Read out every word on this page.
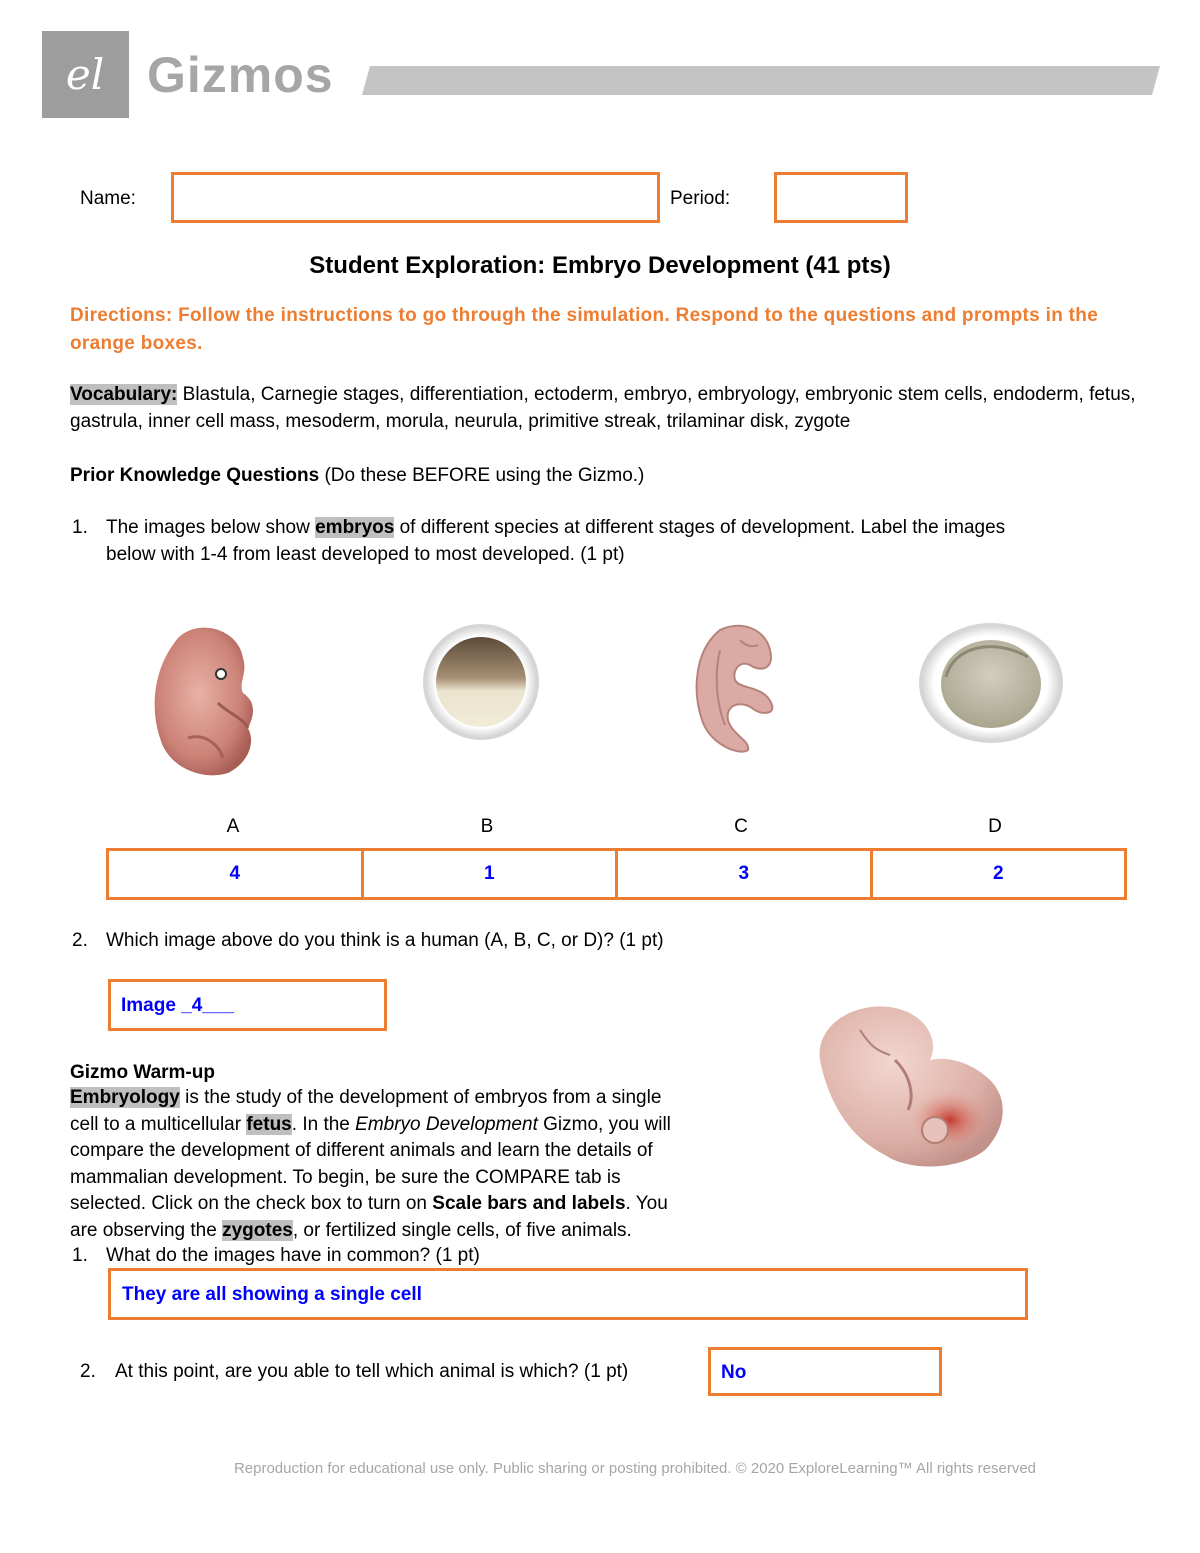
el Gizmos
Name:	Period:
Student Exploration: Embryo Development (41 pts)
Directions: Follow the instructions to go through the simulation. Respond to the questions and prompts in the orange boxes.
Vocabulary: Blastula, Carnegie stages, differentiation, ectoderm, embryo, embryology, embryonic stem cells, endoderm, fetus, gastrula, inner cell mass, mesoderm, morula, neurula, primitive streak, trilaminar disk, zygote
Prior Knowledge Questions (Do these BEFORE using the Gizmo.)
1. The images below show embryos of different species at different stages of development. Label the images
below with 1-4 from least developed to most developed. (1 pt)
A	B	C	D
4	1	3	2
2. Which image above do you think is a human (A, B, C, or D)? (1 pt)
Image _4___
Gizmo Warm-up
Embryology is the study of the development of embryos from a single
cell to a multicellular fetus. In the Embryo Development Gizmo, you will
compare the development of different animals and learn the details of
mammalian development. To begin, be sure the COMPARE tab is
selected. Click on the check box to turn on Scale bars and labels. You
are observing the zygotes, or fertilized single cells, of five animals.
1. What do the images have in common? (1 pt)
They are all showing a single cell
2. At this point, are you able to tell which animal is which? (1 pt)	No
Reproduction for educational use only. Public sharing or posting prohibited. © 2020 ExploreLearning™ All rights reserved
